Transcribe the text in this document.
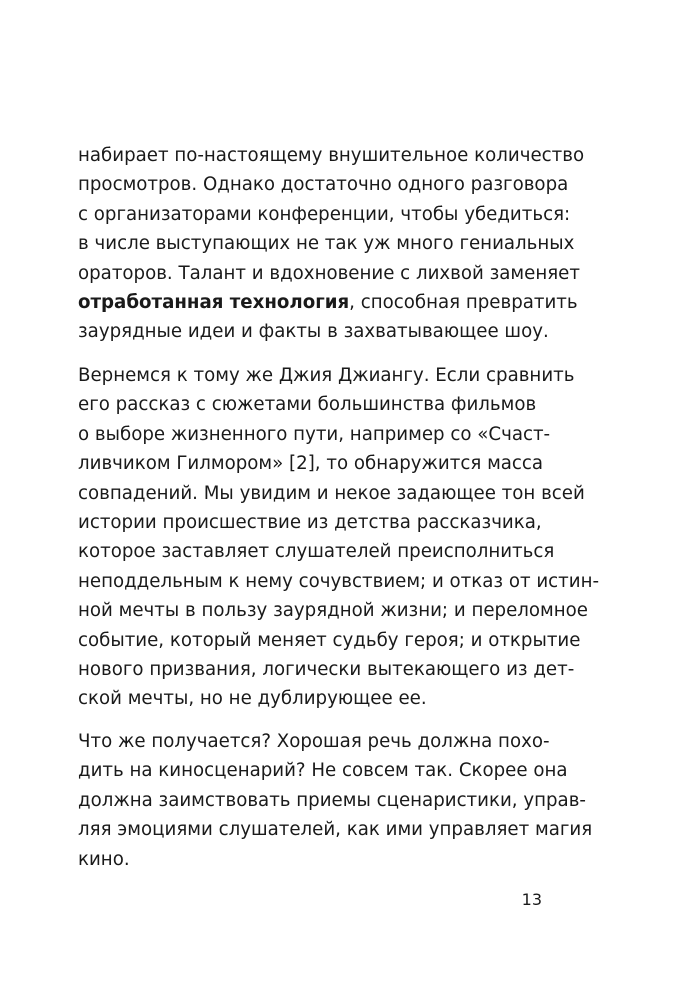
набирает по-настоящему внушительное количество
просмотров. Однако достаточно одного разговора
с организаторами конференции, чтобы убедиться:
в числе выступающих не так уж много гениальных
ораторов. Талант и вдохновение с лихвой заменяет
отработанная технология, способная превратить
заурядные идеи и факты в захватывающее шоу.

Вернемся к тому же Джия Джиангу. Если сравнить
его рассказ с сюжетами большинства фильмов
о выборе жизненного пути, например со «Счаст-
ливчиком Гилмором» [2], то обнаружится масса
совпадений. Мы увидим и некое задающее тон всей
истории происшествие из детства рассказчика,
которое заставляет слушателей преисполниться
неподдельным к нему сочувствием; и отказ от истин-
ной мечты в пользу заурядной жизни; и переломное
событие, который меняет судьбу героя; и открытие
нового призвания, логически вытекающего из дет-
ской мечты, но не дублирующее ее.

Что же получается? Хорошая речь должна похо-
дить на киносценарий? Не совсем так. Скорее она
должна заимствовать приемы сценаристики, управ-
ляя эмоциями слушателей, как ими управляет магия
кино.

13
